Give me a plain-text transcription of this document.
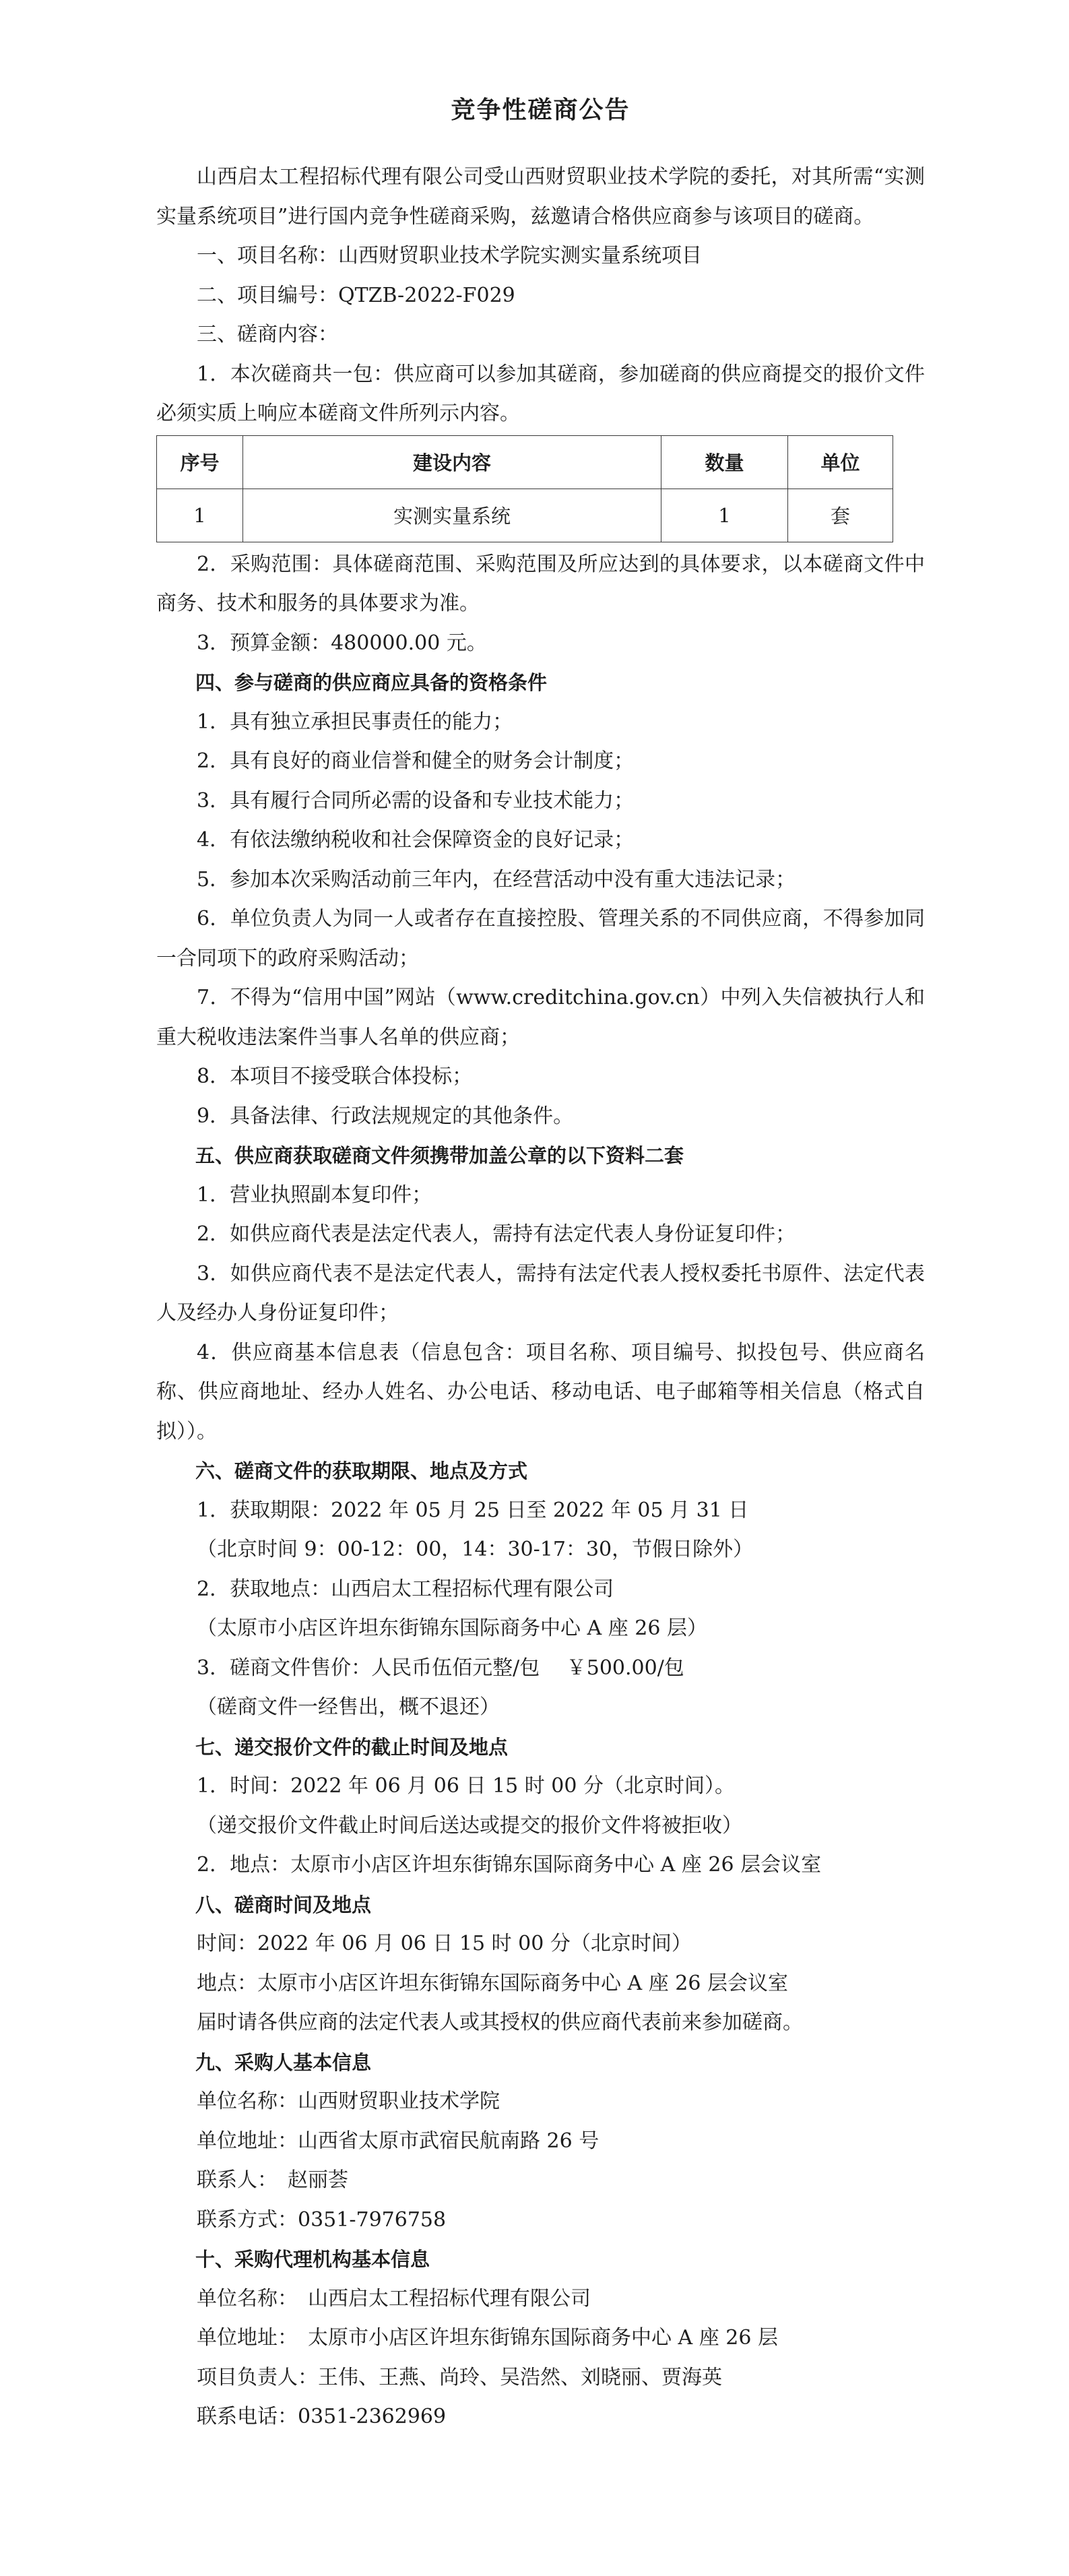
竞争性磋商公告

山西启太工程招标代理有限公司受山西财贸职业技术学院的委托，对其所需“实测实量系统项目”进行国内竞争性磋商采购，兹邀请合格供应商参与该项目的磋商。

一、项目名称：山西财贸职业技术学院实测实量系统项目

二、项目编号：QTZB-2022-F029

三、磋商内容：

1．本次磋商共一包：供应商可以参加其磋商，参加磋商的供应商提交的报价文件必须实质上响应本磋商文件所列示内容。

序号	建设内容	数量	单位
1	实测实量系统	1	套

2．采购范围：具体磋商范围、采购范围及所应达到的具体要求，以本磋商文件中商务、技术和服务的具体要求为准。

3．预算金额：480000.00 元。

四、参与磋商的供应商应具备的资格条件

1．具有独立承担民事责任的能力；

2．具有良好的商业信誉和健全的财务会计制度；

3．具有履行合同所必需的设备和专业技术能力；

4．有依法缴纳税收和社会保障资金的良好记录；

5．参加本次采购活动前三年内，在经营活动中没有重大违法记录；

6．单位负责人为同一人或者存在直接控股、管理关系的不同供应商，不得参加同一合同项下的政府采购活动；

7．不得为“信用中国”网站（www.creditchina.gov.cn）中列入失信被执行人和重大税收违法案件当事人名单的供应商；

8．本项目不接受联合体投标；

9．具备法律、行政法规规定的其他条件。

五、供应商获取磋商文件须携带加盖公章的以下资料二套

1．营业执照副本复印件；

2．如供应商代表是法定代表人，需持有法定代表人身份证复印件；

3．如供应商代表不是法定代表人，需持有法定代表人授权委托书原件、法定代表人及经办人身份证复印件；

4．供应商基本信息表（信息包含：项目名称、项目编号、拟投包号、供应商名称、供应商地址、经办人姓名、办公电话、移动电话、电子邮箱等相关信息（格式自拟））。

六、磋商文件的获取期限、地点及方式

1．获取期限：2022 年 05 月 25 日至 2022 年 05 月 31 日

（北京时间 9：00-12：00，14：30-17：30，节假日除外）

2．获取地点：山西启太工程招标代理有限公司

（太原市小店区许坦东街锦东国际商务中心 A 座 26 层）

3．磋商文件售价：人民币伍佰元整/包　 ￥500.00/包

（磋商文件一经售出，概不退还）

七、递交报价文件的截止时间及地点

1．时间：2022 年 06 月 06 日 15 时 00 分（北京时间）。

（递交报价文件截止时间后送达或提交的报价文件将被拒收）

2．地点：太原市小店区许坦东街锦东国际商务中心 A 座 26 层会议室

八、磋商时间及地点

时间：2022 年 06 月 06 日 15 时 00 分（北京时间）

地点：太原市小店区许坦东街锦东国际商务中心 A 座 26 层会议室

届时请各供应商的法定代表人或其授权的供应商代表前来参加磋商。

九、采购人基本信息

单位名称：山西财贸职业技术学院

单位地址：山西省太原市武宿民航南路 26 号

联系人：　赵丽荟

联系方式：0351-7976758

十、采购代理机构基本信息

单位名称：　山西启太工程招标代理有限公司

单位地址：　太原市小店区许坦东街锦东国际商务中心 A 座 26 层

项目负责人：王伟、王燕、尚玲、吴浩然、刘晓丽、贾海英

联系电话：0351-2362969
